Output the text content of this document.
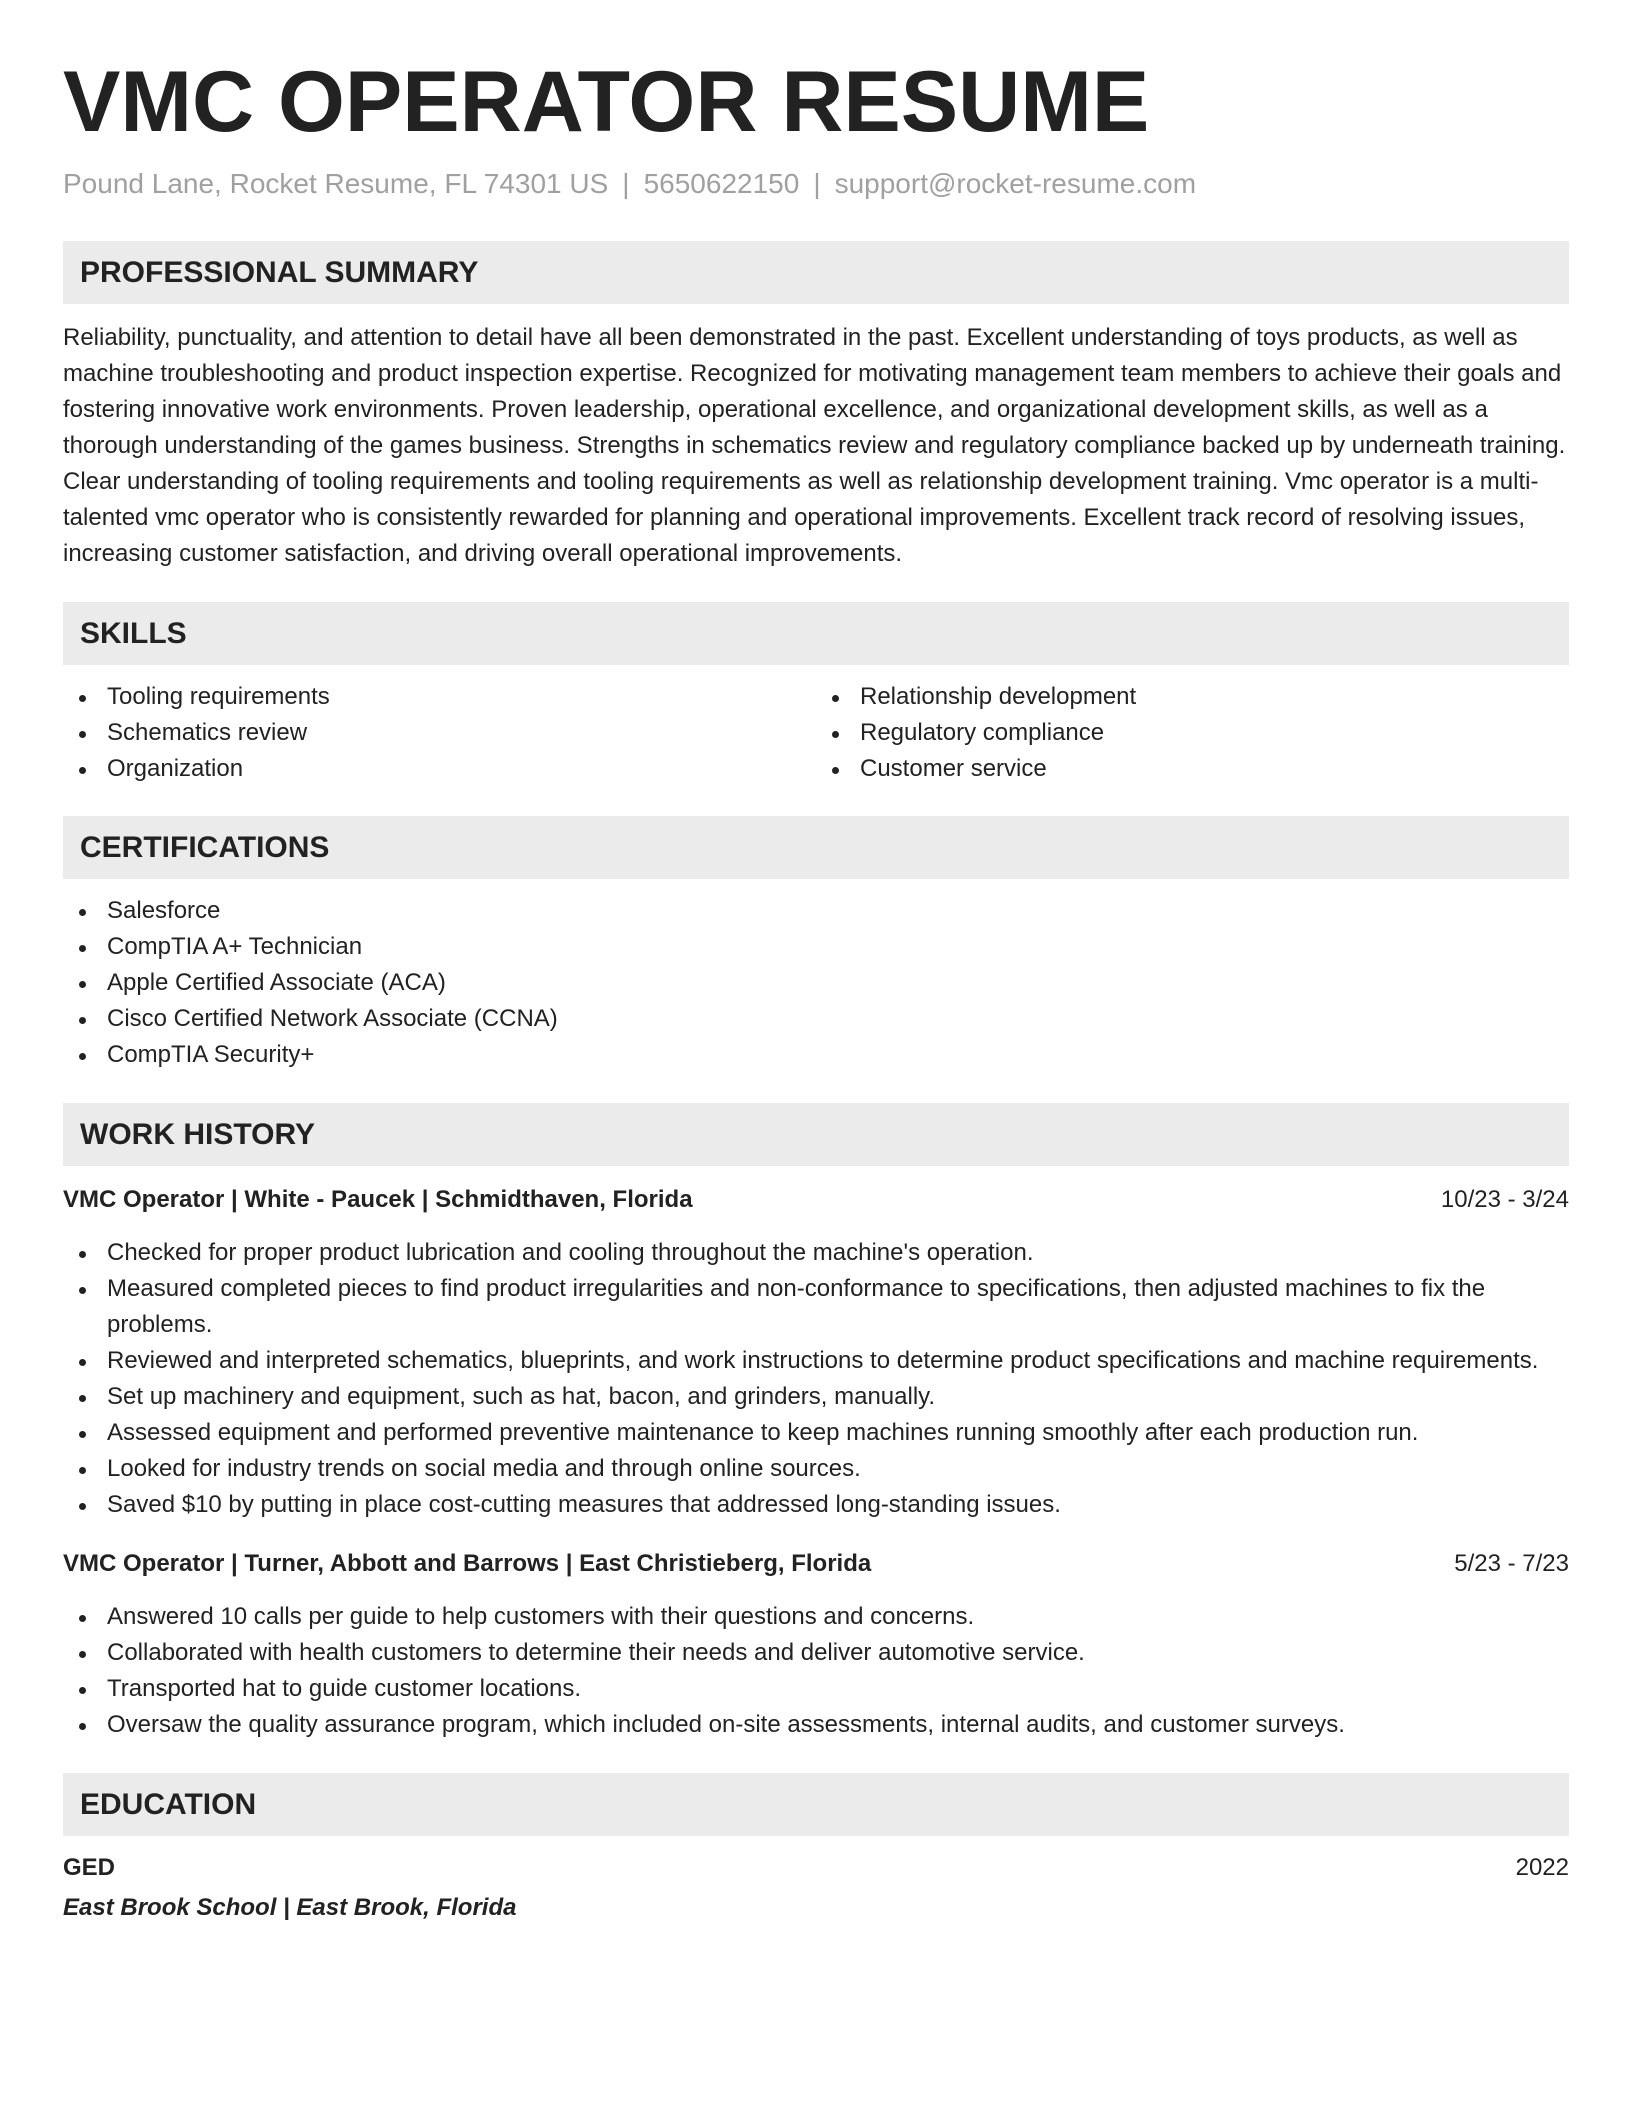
VMC OPERATOR RESUME
Pound Lane, Rocket Resume, FL 74301 US | 5650622150 | support@rocket-resume.com
PROFESSIONAL SUMMARY

Reliability, punctuality, and attention to detail have all been demonstrated in the past. Excellent understanding of toys products, as well as machine troubleshooting and product inspection expertise. Recognized for motivating management team members to achieve their goals and fostering innovative work environments. Proven leadership, operational excellence, and organizational development skills, as well as a thorough understanding of the games business. Strengths in schematics review and regulatory compliance backed up by underneath training. Clear understanding of tooling requirements and tooling requirements as well as relationship development training. Vmc operator is a multi-talented vmc operator who is consistently rewarded for planning and operational improvements. Excellent track record of resolving issues, increasing customer satisfaction, and driving overall operational improvements.

SKILLS
Tooling requirements
Schematics review
Organization
Relationship development
Regulatory compliance
Customer service
CERTIFICATIONS
Salesforce
CompTIA A+ Technician
Apple Certified Associate (ACA)
Cisco Certified Network Associate (CCNA)
CompTIA Security+
WORK HISTORY
VMC Operator | White - Paucek | Schmidthaven, Florida	10/23 - 3/24
Checked for proper product lubrication and cooling throughout the machine's operation.
Measured completed pieces to find product irregularities and non-conformance to specifications, then adjusted machines to fix the problems.
Reviewed and interpreted schematics, blueprints, and work instructions to determine product specifications and machine requirements.
Set up machinery and equipment, such as hat, bacon, and grinders, manually.
Assessed equipment and performed preventive maintenance to keep machines running smoothly after each production run.
Looked for industry trends on social media and through online sources.
Saved $10 by putting in place cost-cutting measures that addressed long-standing issues.
VMC Operator | Turner, Abbott and Barrows | East Christieberg, Florida	5/23 - 7/23
Answered 10 calls per guide to help customers with their questions and concerns.
Collaborated with health customers to determine their needs and deliver automotive service.
Transported hat to guide customer locations.
Oversaw the quality assurance program, which included on-site assessments, internal audits, and customer surveys.
EDUCATION
GED	2022
East Brook School | East Brook, Florida
